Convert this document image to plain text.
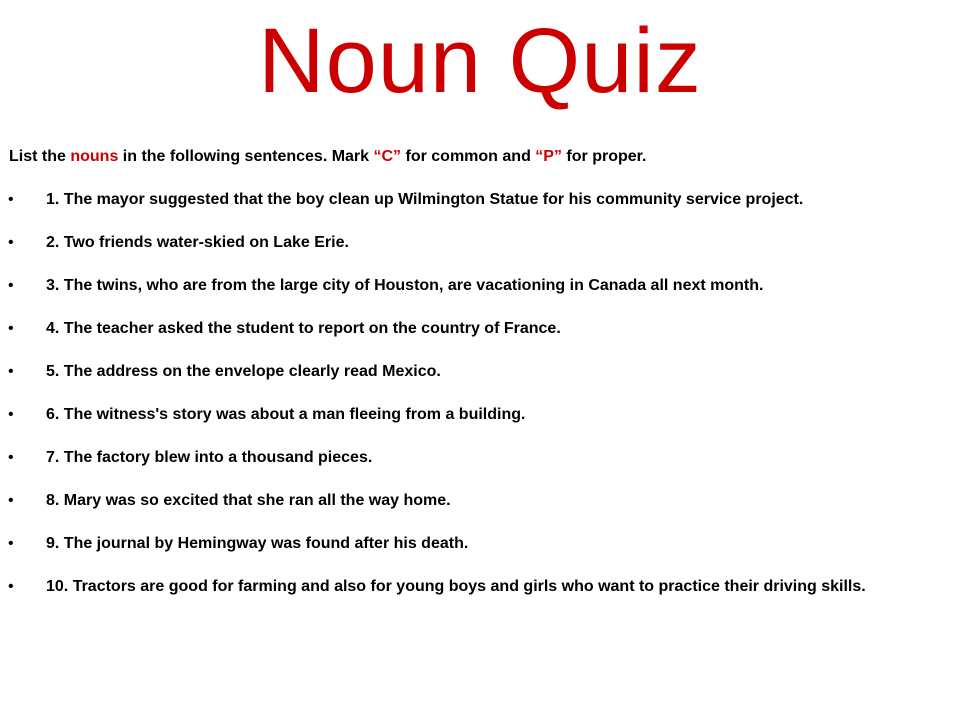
Noun Quiz
List the nouns in the following sentences. Mark “C” for common and “P” for proper.
• 1. The mayor suggested that the boy clean up Wilmington Statue for his community service project.
• 2. Two friends water-skied on Lake Erie.
• 3. The twins, who are from the large city of Houston, are vacationing in Canada all next month.
• 4. The teacher asked the student to report on the country of France.
• 5. The address on the envelope clearly read Mexico.
• 6. The witness's story was about a man fleeing from a building.
• 7. The factory blew into a thousand pieces.
• 8. Mary was so excited that she ran all the way home.
• 9. The journal by Hemingway was found after his death.
• 10. Tractors are good for farming and also for young boys and girls who want to practice their driving skills.
